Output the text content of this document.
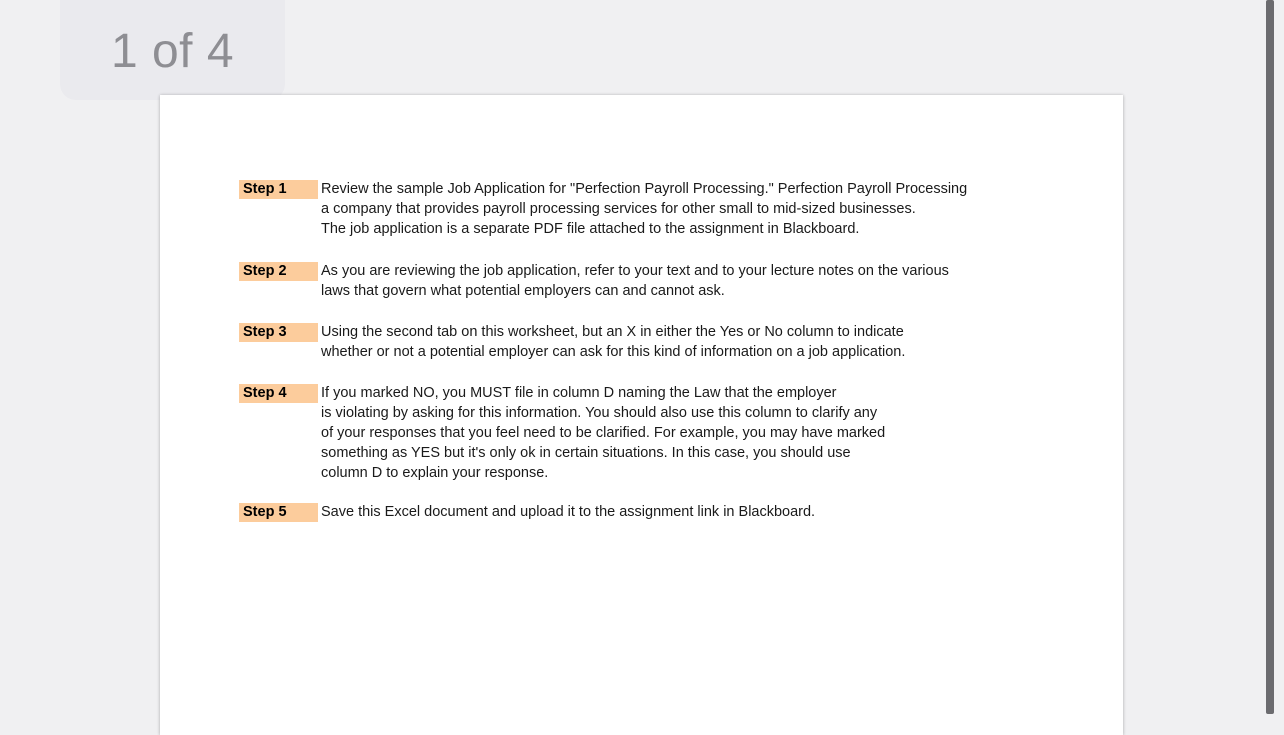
1 of 4
Step 1	Review the sample Job Application for "Perfection Payroll Processing." Perfection Payroll Processing
a company that provides payroll processing services for other small to mid-sized businesses.
The job application is a separate PDF file attached to the assignment in Blackboard.
Step 2	As you are reviewing the job application, refer to your text and to your lecture notes on the various
laws that govern what potential employers can and cannot ask.
Step 3	Using the second tab on this worksheet, but an X in either the Yes or No column to indicate
whether or not a potential employer can ask for this kind of information on a job application.
Step 4	If you marked NO, you MUST file in column D naming the Law that the employer
is violating by asking for this information. You should also use this column to clarify any
of your responses that you feel need to be clarified. For example, you may have marked
something as YES but it's only ok in certain situations. In this case, you should use
column D to explain your response.
Step 5	Save this Excel document and upload it to the assignment link in Blackboard.
